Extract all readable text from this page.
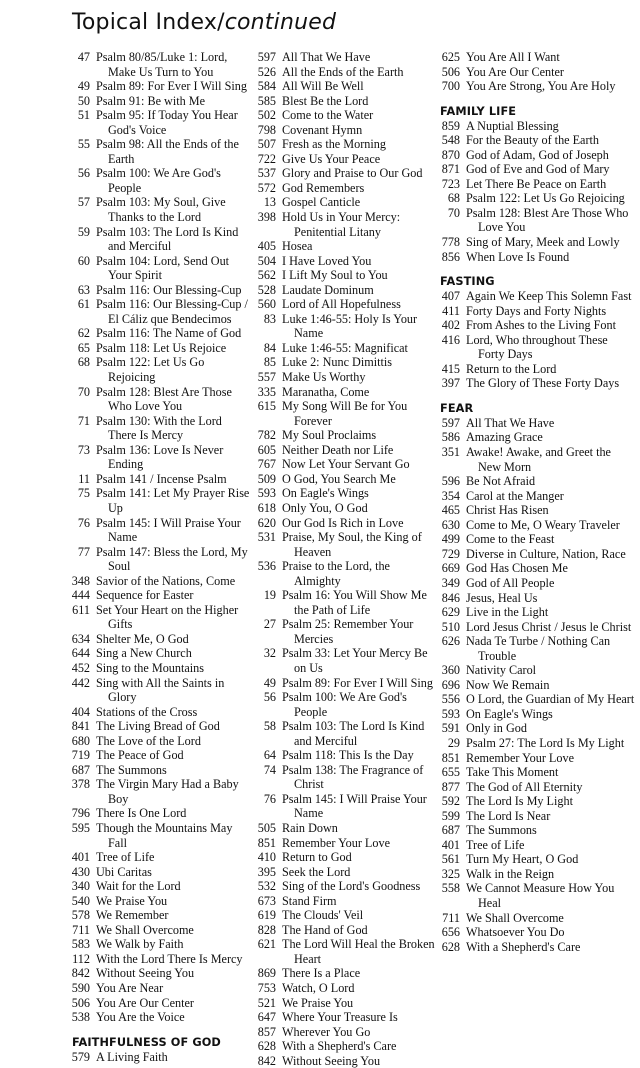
Topical Index/continued
47 Psalm 80/85/Luke 1: Lord, Make Us Turn to You
49 Psalm 89: For Ever I Will Sing
50 Psalm 91: Be with Me
51 Psalm 95: If Today You Hear God's Voice
55 Psalm 98: All the Ends of the Earth
56 Psalm 100: We Are God's People
57 Psalm 103: My Soul, Give Thanks to the Lord
59 Psalm 103: The Lord Is Kind and Merciful
60 Psalm 104: Lord, Send Out Your Spirit
63 Psalm 116: Our Blessing-Cup
61 Psalm 116: Our Blessing-Cup / El Cáliz que Bendecimos
62 Psalm 116: The Name of God
65 Psalm 118: Let Us Rejoice
68 Psalm 122: Let Us Go Rejoicing
70 Psalm 128: Blest Are Those Who Love You
71 Psalm 130: With the Lord There Is Mercy
73 Psalm 136: Love Is Never Ending
11 Psalm 141 / Incense Psalm
75 Psalm 141: Let My Prayer Rise Up
76 Psalm 145: I Will Praise Your Name
77 Psalm 147: Bless the Lord, My Soul
348 Savior of the Nations, Come
444 Sequence for Easter
611 Set Your Heart on the Higher Gifts
634 Shelter Me, O God
644 Sing a New Church
452 Sing to the Mountains
442 Sing with All the Saints in Glory
404 Stations of the Cross
841 The Living Bread of God
680 The Love of the Lord
719 The Peace of God
687 The Summons
378 The Virgin Mary Had a Baby Boy
796 There Is One Lord
595 Though the Mountains May Fall
401 Tree of Life
430 Ubi Caritas
340 Wait for the Lord
540 We Praise You
578 We Remember
711 We Shall Overcome
583 We Walk by Faith
112 With the Lord There Is Mercy
842 Without Seeing You
590 You Are Near
506 You Are Our Center
538 You Are the Voice
FAITHFULNESS OF GOD
579 A Living Faith
597 All That We Have
526 All the Ends of the Earth
584 All Will Be Well
585 Blest Be the Lord
502 Come to the Water
798 Covenant Hymn
507 Fresh as the Morning
722 Give Us Your Peace
537 Glory and Praise to Our God
572 God Remembers
13 Gospel Canticle
398 Hold Us in Your Mercy: Penitential Litany
405 Hosea
504 I Have Loved You
562 I Lift My Soul to You
528 Laudate Dominum
560 Lord of All Hopefulness
83 Luke 1:46-55: Holy Is Your Name
84 Luke 1:46-55: Magnificat
85 Luke 2: Nunc Dimittis
557 Make Us Worthy
335 Maranatha, Come
615 My Song Will Be for You Forever
782 My Soul Proclaims
605 Neither Death nor Life
767 Now Let Your Servant Go
509 O God, You Search Me
593 On Eagle's Wings
618 Only You, O God
620 Our God Is Rich in Love
531 Praise, My Soul, the King of Heaven
536 Praise to the Lord, the Almighty
19 Psalm 16: You Will Show Me the Path of Life
27 Psalm 25: Remember Your Mercies
32 Psalm 33: Let Your Mercy Be on Us
49 Psalm 89: For Ever I Will Sing
56 Psalm 100: We Are God's People
58 Psalm 103: The Lord Is Kind and Merciful
64 Psalm 118: This Is the Day
74 Psalm 138: The Fragrance of Christ
76 Psalm 145: I Will Praise Your Name
505 Rain Down
851 Remember Your Love
410 Return to God
395 Seek the Lord
532 Sing of the Lord's Goodness
673 Stand Firm
619 The Clouds' Veil
828 The Hand of God
621 The Lord Will Heal the Broken Heart
869 There Is a Place
753 Watch, O Lord
521 We Praise You
647 Where Your Treasure Is
857 Wherever You Go
628 With a Shepherd's Care
842 Without Seeing You
625 You Are All I Want
506 You Are Our Center
700 You Are Strong, You Are Holy
FAMILY LIFE
859 A Nuptial Blessing
548 For the Beauty of the Earth
870 God of Adam, God of Joseph
871 God of Eve and God of Mary
723 Let There Be Peace on Earth
68 Psalm 122: Let Us Go Rejoicing
70 Psalm 128: Blest Are Those Who Love You
778 Sing of Mary, Meek and Lowly
856 When Love Is Found
FASTING
407 Again We Keep This Solemn Fast
411 Forty Days and Forty Nights
402 From Ashes to the Living Font
416 Lord, Who throughout These Forty Days
415 Return to the Lord
397 The Glory of These Forty Days
FEAR
597 All That We Have
586 Amazing Grace
351 Awake! Awake, and Greet the New Morn
596 Be Not Afraid
354 Carol at the Manger
465 Christ Has Risen
630 Come to Me, O Weary Traveler
499 Come to the Feast
729 Diverse in Culture, Nation, Race
669 God Has Chosen Me
349 God of All People
846 Jesus, Heal Us
629 Live in the Light
510 Lord Jesus Christ / Jesus le Christ
626 Nada Te Turbe / Nothing Can Trouble
360 Nativity Carol
696 Now We Remain
556 O Lord, the Guardian of My Heart
593 On Eagle's Wings
591 Only in God
29 Psalm 27: The Lord Is My Light
851 Remember Your Love
655 Take This Moment
877 The God of All Eternity
592 The Lord Is My Light
599 The Lord Is Near
687 The Summons
401 Tree of Life
561 Turn My Heart, O God
325 Walk in the Reign
558 We Cannot Measure How You Heal
711 We Shall Overcome
656 Whatsoever You Do
628 With a Shepherd's Care
